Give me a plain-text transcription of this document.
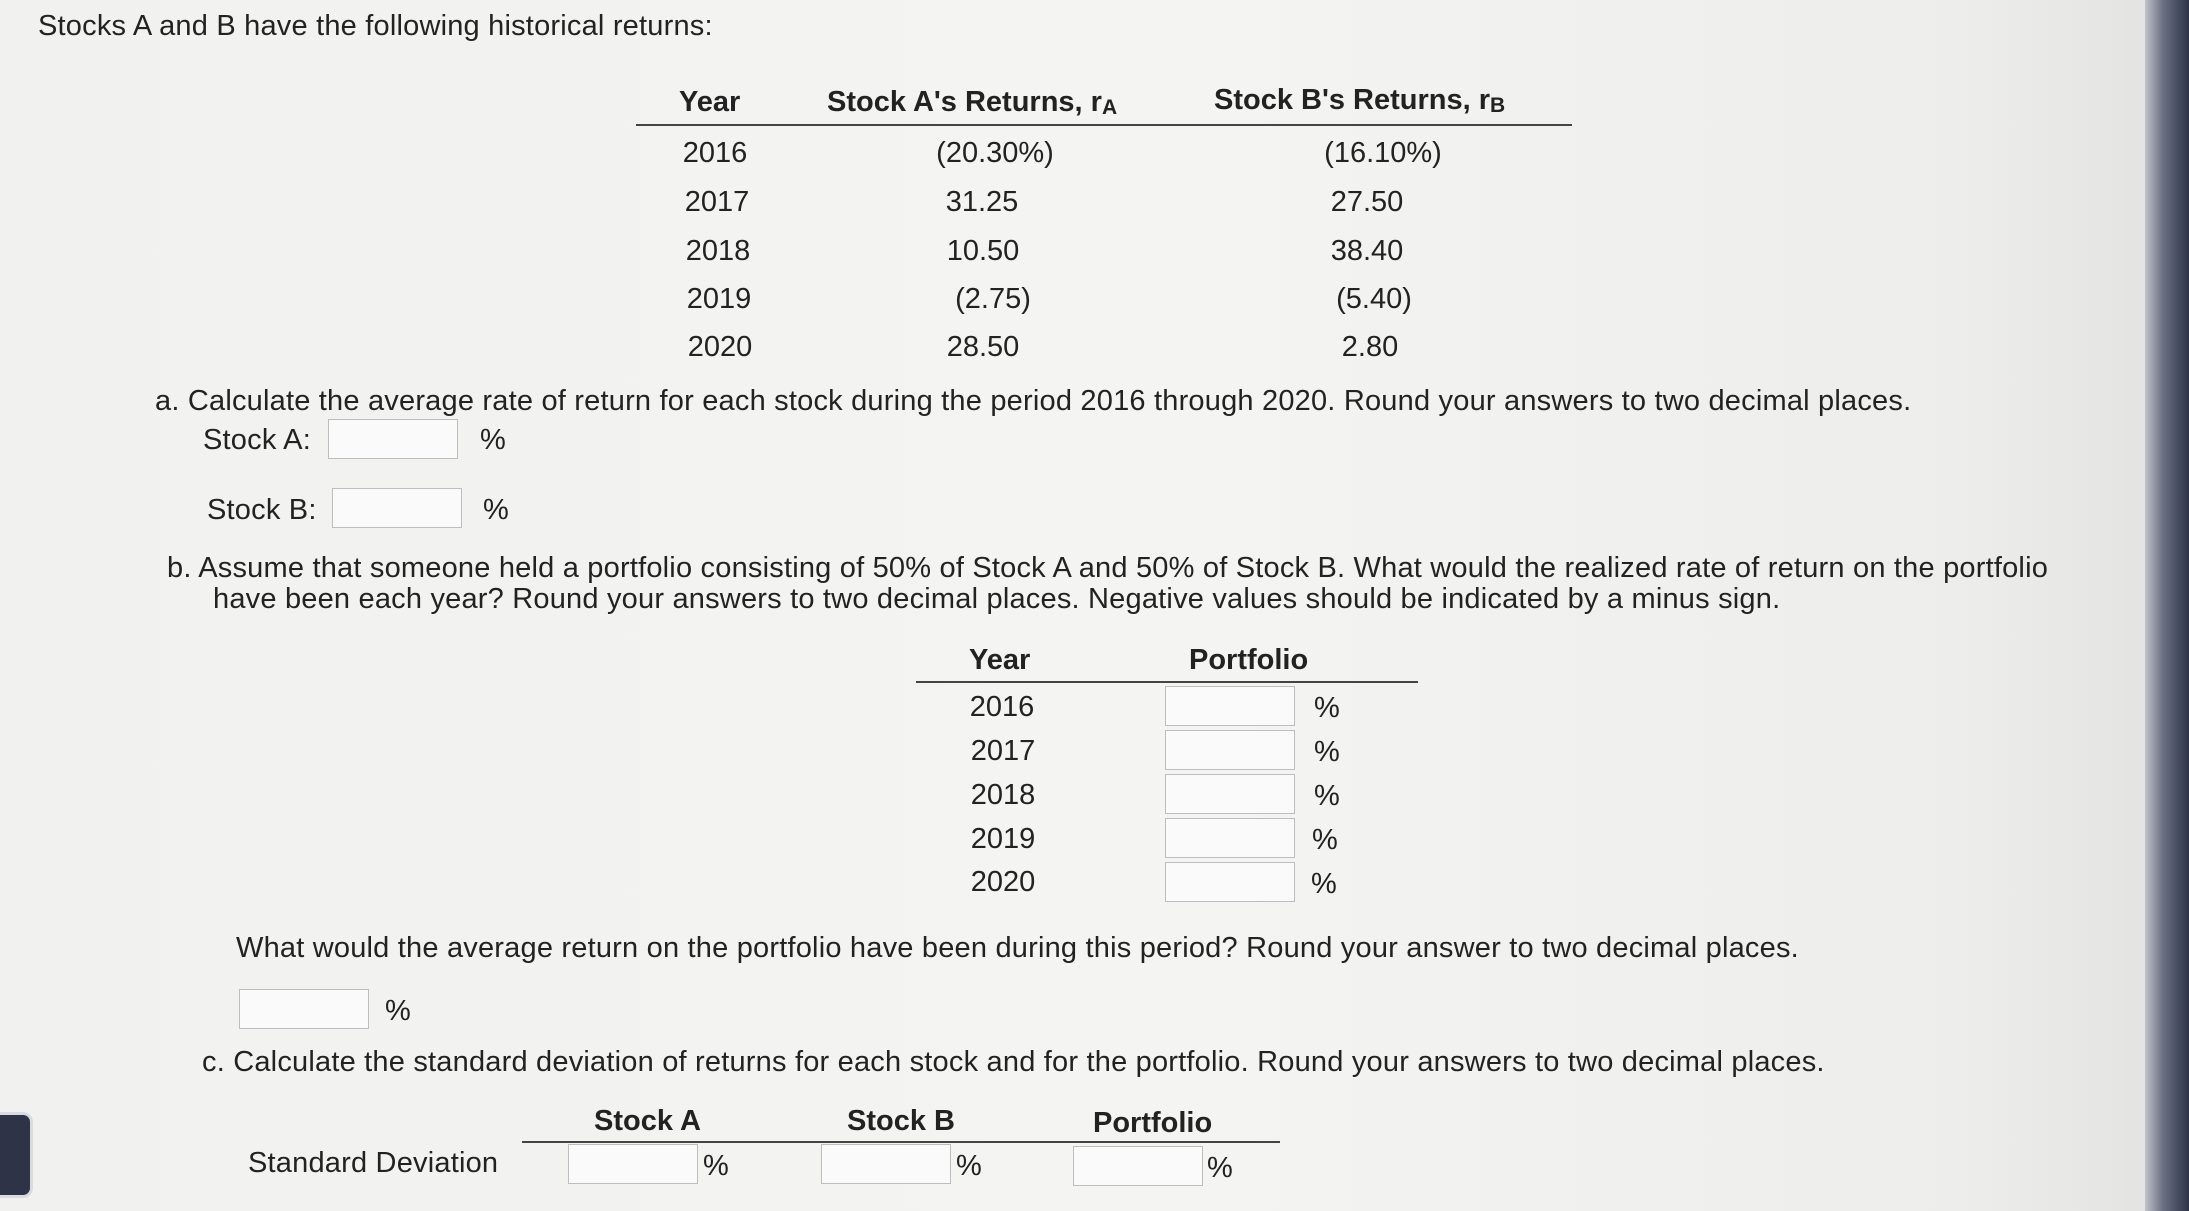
Stocks A and B have the following historical returns:
Year	Stock A's Returns, $r_A$	Stock B's Returns, $r_B$
2016	(20.30%)	(16.10%)
2017	31.25	27.50
2018	10.50	38.40
2019	(2.75)	(5.40)
2020	28.50	2.80
a. Calculate the average rate of return for each stock during the period 2016 through 2020. Round your answers to two decimal places.
Stock A:	%
Stock B:	%
b. Assume that someone held a portfolio consisting of 50% of Stock A and 50% of Stock B. What would the realized rate of return on the portfolio
have been each year? Round your answers to two decimal places. Negative values should be indicated by a minus sign.
Year	Portfolio
2016	%
2017	%
2018	%
2019	%
2020	%
What would the average return on the portfolio have been during this period? Round your answer to two decimal places.
%
c. Calculate the standard deviation of returns for each stock and for the portfolio. Round your answers to two decimal places.
Stock A	Stock B	Portfolio
Standard Deviation	%	%	%
